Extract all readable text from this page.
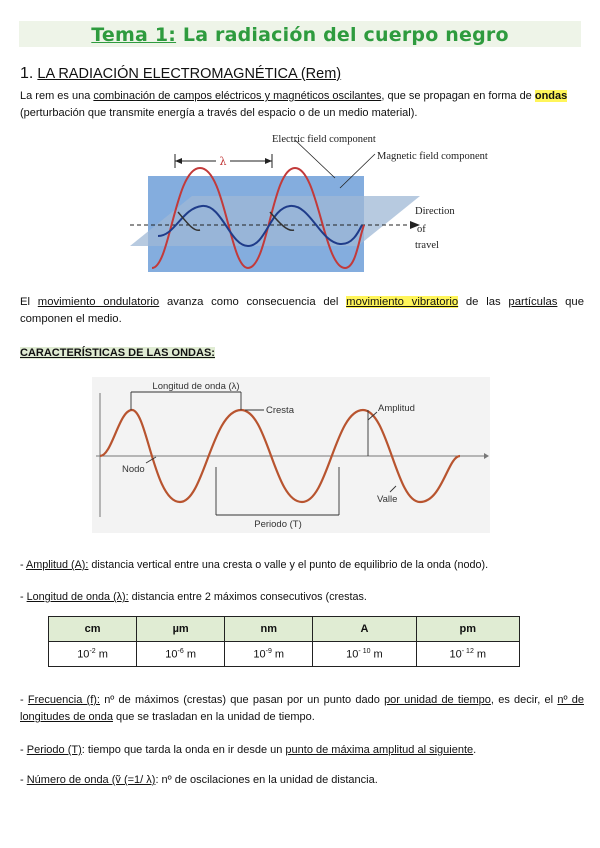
Tema 1: La radiación del cuerpo negro
1. LA RADIACIÓN ELECTROMAGNÉTICA (Rem)
La rem es una combinación de campos eléctricos y magnéticos oscilantes, que se propagan en forma de ondas (perturbación que transmite energía a través del espacio o de un medio material).
λ
Electric field component
Magnetic field component
Direction
of
travel
El movimiento ondulatorio avanza como consecuencia del movimiento vibratorio de las partículas que componen el medio.
CARACTERÍSTICAS DE LAS ONDAS:
Longitud de onda (λ)
Cresta	Amplitud
Nodo
Valle
Periodo (T)
- Amplitud (A): distancia vertical entre una cresta o valle y el punto de equilibrio de la onda (nodo).
- Longitud de onda (λ): distancia entre 2 máximos consecutivos (crestas.
cm	µm	nm	A	pm
$10^{-2}$ m	$10^{-6}$ m	$10^{-9}$ m	$10^{- 10}$ m	$10^{- 12}$ m
- Frecuencia (f): nº de máximos (crestas) que pasan por un punto dado por unidad de tiempo, es decir, el nº de longitudes de onda que se trasladan en la unidad de tiempo.
- Periodo (T): tiempo que tarda la onda en ir desde un punto de máxima amplitud al siguiente.
- Número de onda (ṽ (=1/ λ): nº de oscilaciones en la unidad de distancia.
